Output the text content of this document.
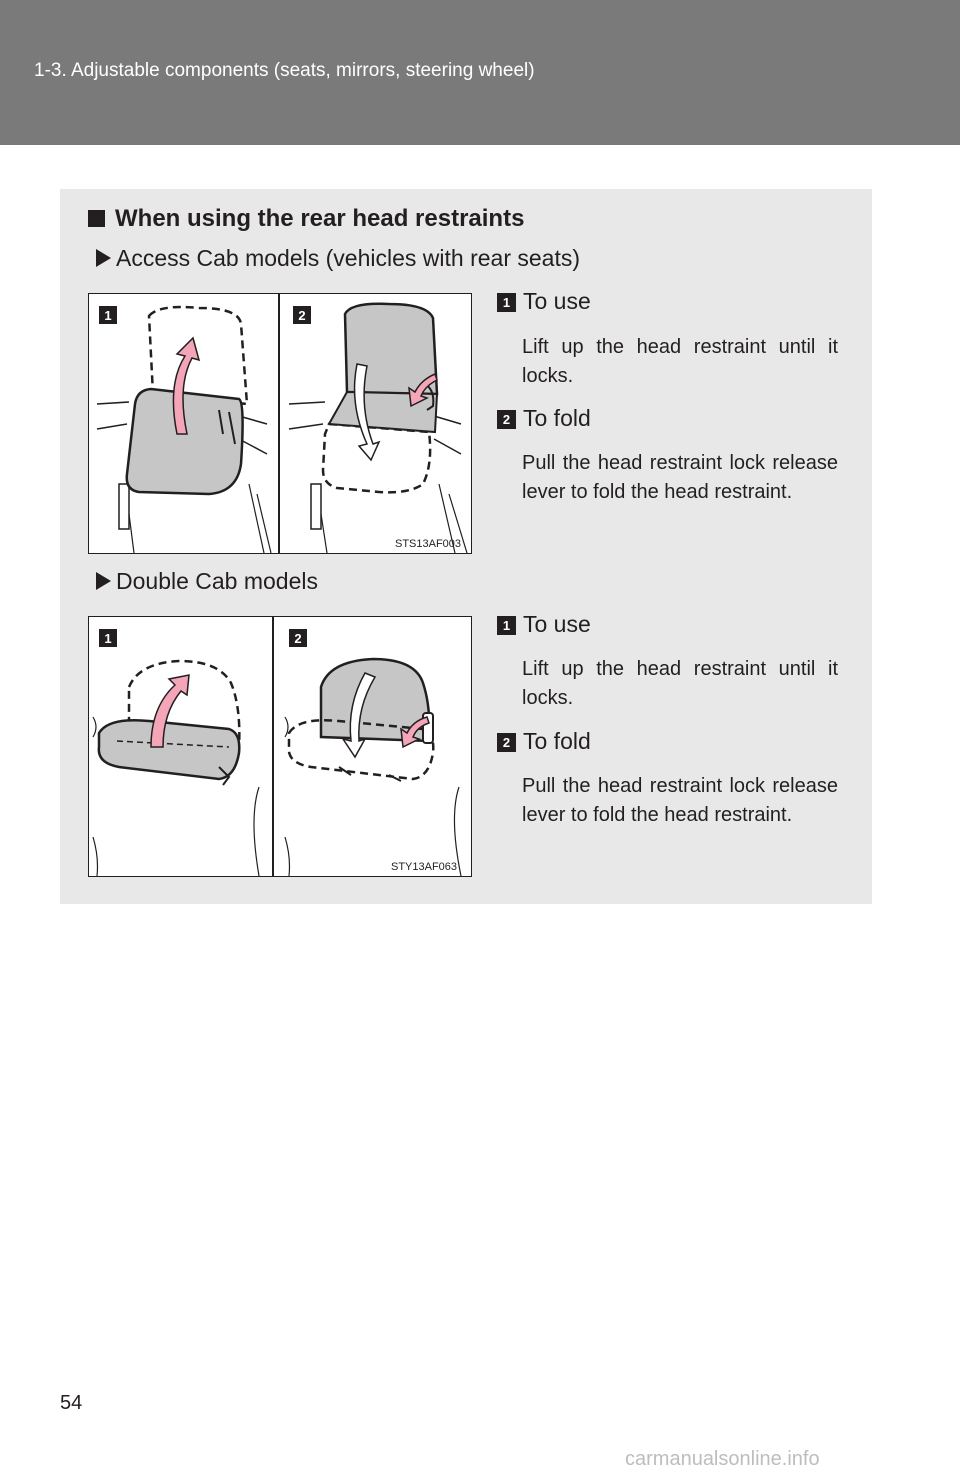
1-3. Adjustable components (seats, mirrors, steering wheel)
When using the rear head restraints
Access Cab models (vehicles with rear seats)
1	2
STS13AF003
1 To use
Lift up the head restraint until it locks.
2 To fold
Pull the head restraint lock release lever to fold the head restraint.
Double Cab models
1	2
STY13AF063
1 To use
Lift up the head restraint until it locks.
2 To fold
Pull the head restraint lock release lever to fold the head restraint.
54
carmanualsonline.info
